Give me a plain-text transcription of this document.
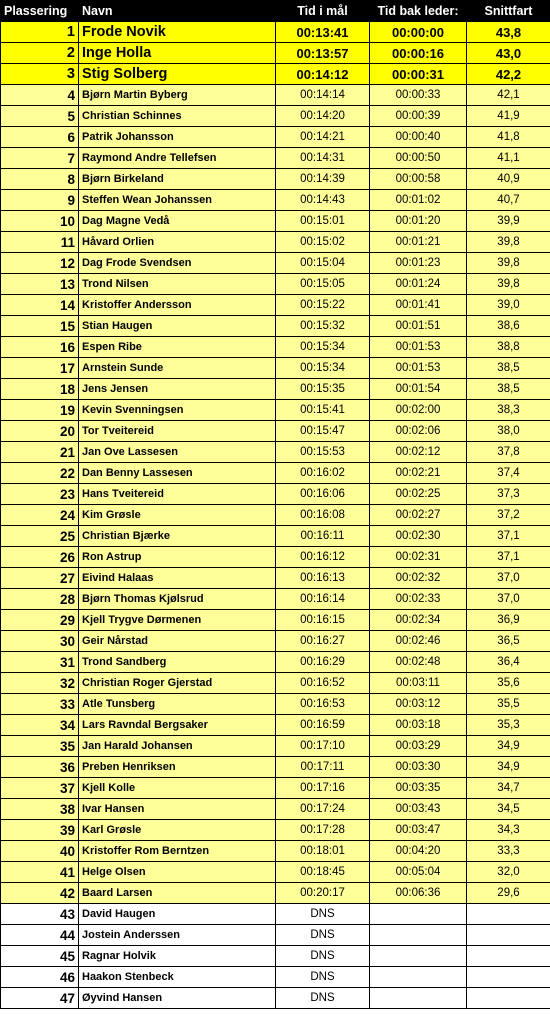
Plassering	Navn	Tid i mål	Tid bak leder:	Snittfart
1	Frode Novik	00:13:41	00:00:00	43,8
2	Inge Holla	00:13:57	00:00:16	43,0
3	Stig Solberg	00:14:12	00:00:31	42,2
4	Bjørn Martin Byberg	00:14:14	00:00:33	42,1
5	Christian Schinnes	00:14:20	00:00:39	41,9
6	Patrik Johansson	00:14:21	00:00:40	41,8
7	Raymond Andre Tellefsen	00:14:31	00:00:50	41,1
8	Bjørn Birkeland	00:14:39	00:00:58	40,9
9	Steffen Wean Johanssen	00:14:43	00:01:02	40,7
10	Dag Magne Vedå	00:15:01	00:01:20	39,9
11	Håvard Orlien	00:15:02	00:01:21	39,8
12	Dag Frode Svendsen	00:15:04	00:01:23	39,8
13	Trond Nilsen	00:15:05	00:01:24	39,8
14	Kristoffer Andersson	00:15:22	00:01:41	39,0
15	Stian Haugen	00:15:32	00:01:51	38,6
16	Espen Ribe	00:15:34	00:01:53	38,8
17	Arnstein Sunde	00:15:34	00:01:53	38,5
18	Jens Jensen	00:15:35	00:01:54	38,5
19	Kevin Svenningsen	00:15:41	00:02:00	38,3
20	Tor Tveitereid	00:15:47	00:02:06	38,0
21	Jan Ove Lassesen	00:15:53	00:02:12	37,8
22	Dan Benny Lassesen	00:16:02	00:02:21	37,4
23	Hans Tveitereid	00:16:06	00:02:25	37,3
24	Kim Grøsle	00:16:08	00:02:27	37,2
25	Christian Bjærke	00:16:11	00:02:30	37,1
26	Ron Astrup	00:16:12	00:02:31	37,1
27	Eivind Halaas	00:16:13	00:02:32	37,0
28	Bjørn Thomas Kjølsrud	00:16:14	00:02:33	37,0
29	Kjell Trygve Dørmenen	00:16:15	00:02:34	36,9
30	Geir Nårstad	00:16:27	00:02:46	36,5
31	Trond Sandberg	00:16:29	00:02:48	36,4
32	Christian Roger Gjerstad	00:16:52	00:03:11	35,6
33	Atle Tunsberg	00:16:53	00:03:12	35,5
34	Lars Ravndal Bergsaker	00:16:59	00:03:18	35,3
35	Jan Harald Johansen	00:17:10	00:03:29	34,9
36	Preben Henriksen	00:17:11	00:03:30	34,9
37	Kjell Kolle	00:17:16	00:03:35	34,7
38	Ivar Hansen	00:17:24	00:03:43	34,5
39	Karl Grøsle	00:17:28	00:03:47	34,3
40	Kristoffer Rom Berntzen	00:18:01	00:04:20	33,3
41	Helge Olsen	00:18:45	00:05:04	32,0
42	Baard Larsen	00:20:17	00:06:36	29,6
43	David Haugen	DNS		
44	Jostein Anderssen	DNS		
45	Ragnar Holvik	DNS		
46	Haakon Stenbeck	DNS		
47	Øyvind Hansen	DNS		
